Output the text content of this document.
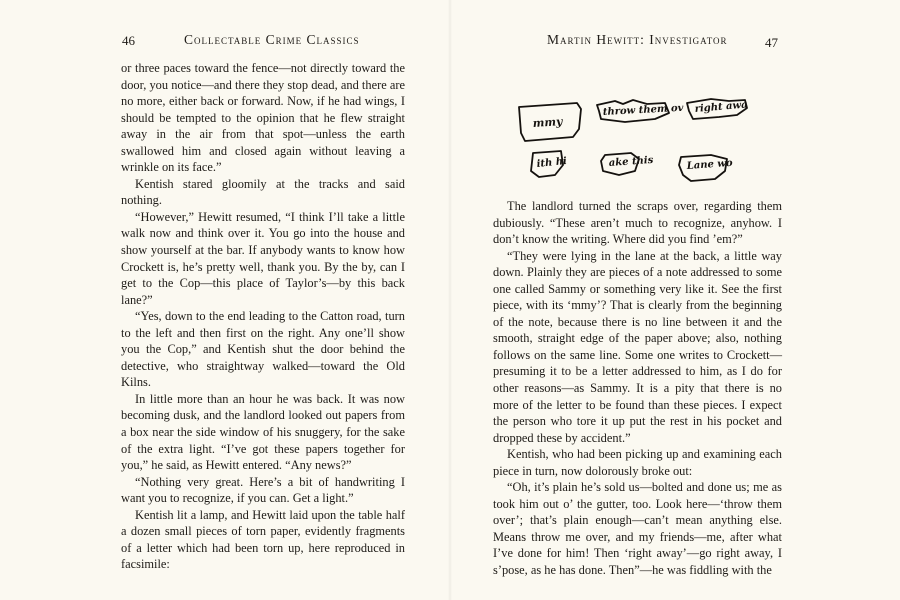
46	Collectable Crime Classics

or three paces toward the fence—not directly toward the door, you notice—and there they stop dead, and there are no more, either back or forward. Now, if he had wings, I should be tempted to the opinion that he flew straight away in the air from that spot—unless the earth swallowed him and closed again without leaving a wrinkle on its face.”

Kentish stared gloomily at the tracks and said nothing.

“However,” Hewitt resumed, “I think I’ll take a little walk now and think over it. You go into the house and show yourself at the bar. If anybody wants to know how Crockett is, he’s pretty well, thank you. By the by, can I get to the Cop—this place of Taylor’s—by this back lane?”

“Yes, down to the end leading to the Catton road, turn to the left and then first on the right. Any one’ll show you the Cop,” and Kentish shut the door behind the detective, who straightway walked—toward the Old Kilns.

In little more than an hour he was back. It was now becoming dusk, and the landlord looked out papers from a box near the side window of his snuggery, for the sake of the extra light. “I’ve got these papers together for you,” he said, as Hewitt entered. “Any news?”

“Nothing very great. Here’s a bit of handwriting I want you to recognize, if you can. Get a light.”

Kentish lit a lamp, and Hewitt laid upon the table half a dozen small pieces of torn paper, evidently fragments of a letter which had been torn up, here reproduced in facsimile:

Martin Hewitt: Investigator	47

The landlord turned the scraps over, regarding them dubiously. “These aren’t much to recognize, anyhow. I don’t know the writing. Where did you find ’em?”

“They were lying in the lane at the back, a little way down. Plainly they are pieces of a note addressed to some one called Sammy or something very like it. See the first piece, with its ‘mmy’? That is clearly from the beginning of the note, because there is no line between it and the smooth, straight edge of the paper above; also, nothing follows on the same line. Some one writes to Crockett—presuming it to be a letter addressed to him, as I do for other reasons—as Sammy. It is a pity that there is no more of the letter to be found than these pieces. I expect the person who tore it up put the rest in his pocket and dropped these by accident.”

Kentish, who had been picking up and examining each piece in turn, now dolorously broke out:

“Oh, it’s plain he’s sold us—bolted and done us; me as took him out o’ the gutter, too. Look here—‘throw them over’; that’s plain enough—can’t mean anything else. Means throw me over, and my friends—me, after what I’ve done for him! Then ‘right away’—go right away, I s’pose, as he has done. Then”—he was fiddling with the

mmy
throw them ov right awa
ith hi	ake this	Lane wo
